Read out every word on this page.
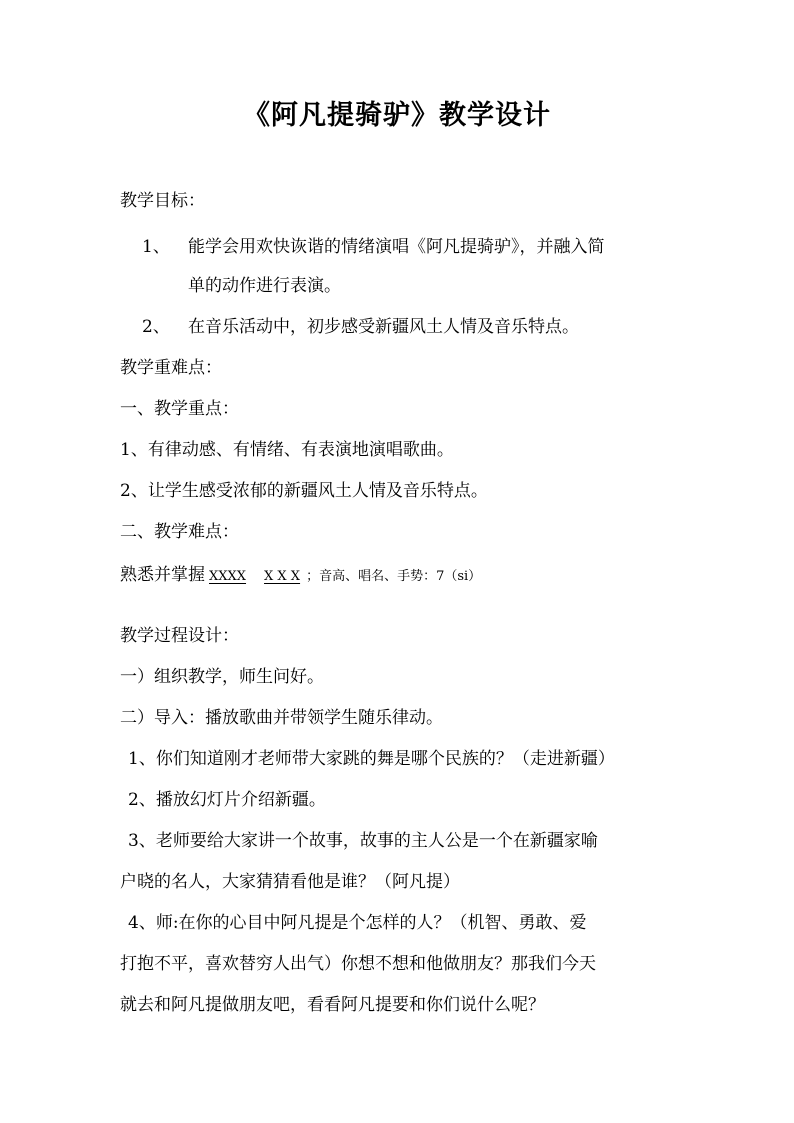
《阿凡提骑驴》教学设计
教学目标：
1、 能学会用欢快诙谐的情绪演唱《阿凡提骑驴》，并融入简
单的动作进行表演。
2、 在音乐活动中，初步感受新疆风土人情及音乐特点。
教学重难点：
一、教学重点：
1、有律动感、有情绪、有表演地演唱歌曲。
2、让学生感受浓郁的新疆风土人情及音乐特点。
二、教学难点：
熟悉并掌握 XXXX X X X ；音高、唱名、手势：7（si）
教学过程设计：
一）组织教学，师生问好。
二）导入：播放歌曲并带领学生随乐律动。
1、你们知道刚才老师带大家跳的舞是哪个民族的？（走进新疆）
2、播放幻灯片介绍新疆。
3、老师要给大家讲一个故事，故事的主人公是一个在新疆家喻
户晓的名人，大家猜猜看他是谁？（阿凡提）
4、师:在你的心目中阿凡提是个怎样的人？（机智、勇敢、爱
打抱不平，喜欢替穷人出气）你想不想和他做朋友？那我们今天
就去和阿凡提做朋友吧，看看阿凡提要和你们说什么呢？
